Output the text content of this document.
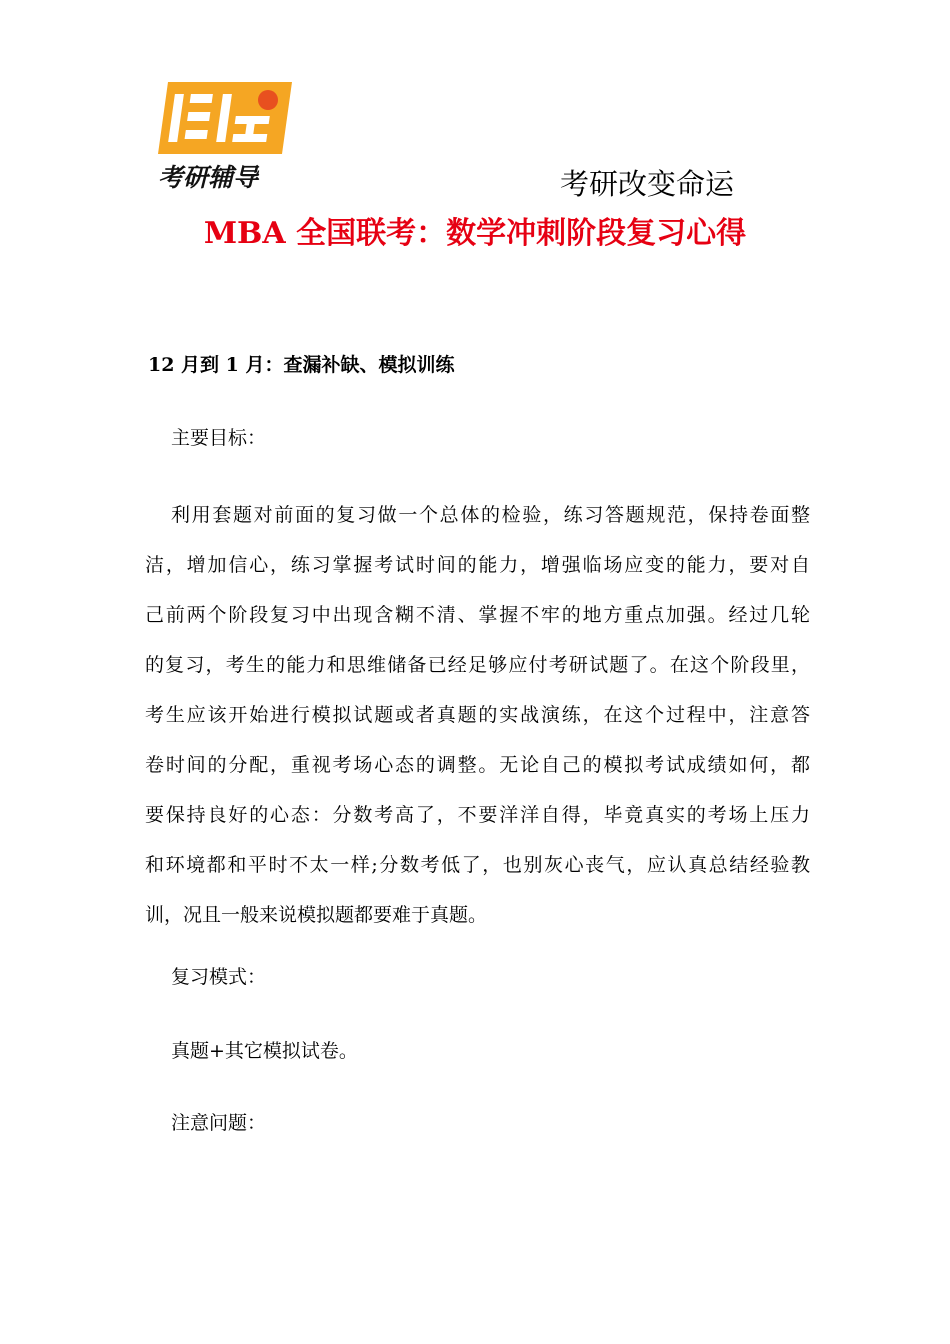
考研辅导	考研改变命运
MBA 全国联考：数学冲刺阶段复习心得
12 月到 1 月：查漏补缺、模拟训练
主要目标：
利用套题对前面的复习做一个总体的检验，练习答题规范，保持卷面整
洁，增加信心，练习掌握考试时间的能力，增强临场应变的能力，要对自
己前两个阶段复习中出现含糊不清、掌握不牢的地方重点加强。经过几轮
的复习，考生的能力和思维储备已经足够应付考研试题了。在这个阶段里，
考生应该开始进行模拟试题或者真题的实战演练，在这个过程中，注意答
卷时间的分配，重视考场心态的调整。无论自己的模拟考试成绩如何，都
要保持良好的心态：分数考高了，不要洋洋自得，毕竟真实的考场上压力
和环境都和平时不太一样;分数考低了，也别灰心丧气，应认真总结经验教
训，况且一般来说模拟题都要难于真题。
复习模式：
真题+其它模拟试卷。
注意问题：
